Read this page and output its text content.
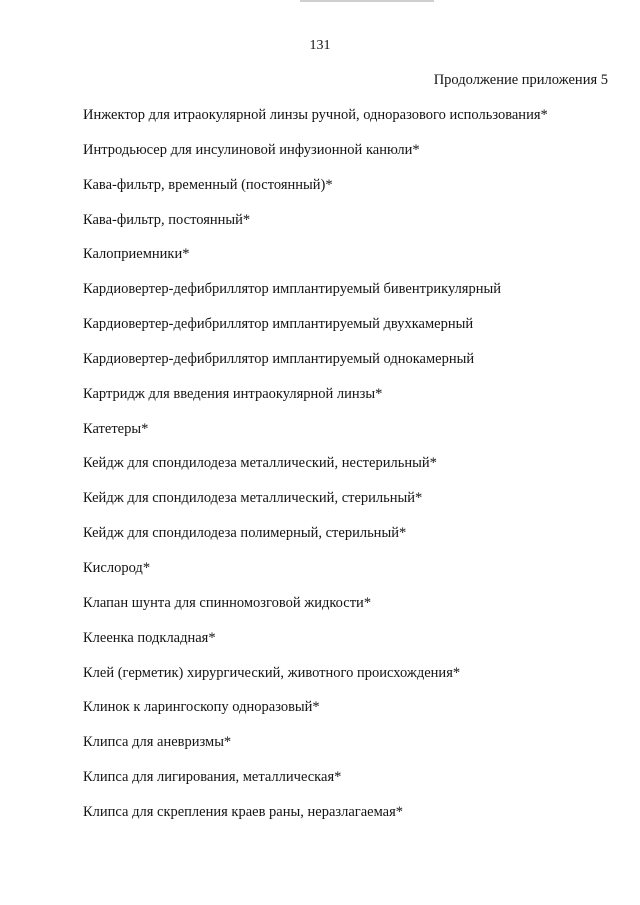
131
Продолжение приложения 5
Инжектор для итраокулярной линзы ручной, одноразового использования*
Интродьюсер для инсулиновой инфузионной канюли*
Кава-фильтр, временный (постоянный)*
Кава-фильтр, постоянный*
Калоприемники*
Кардиовертер-дефибриллятор имплантируемый бивентрикулярный
Кардиовертер-дефибриллятор имплантируемый двухкамерный
Кардиовертер-дефибриллятор имплантируемый однокамерный
Картридж для введения интраокулярной линзы*
Катетеры*
Кейдж для спондилодеза металлический, нестерильный*
Кейдж для спондилодеза металлический, стерильный*
Кейдж для спондилодеза полимерный, стерильный*
Кислород*
Клапан шунта для спинномозговой жидкости*
Клеенка подкладная*
Клей (герметик) хирургический, животного происхождения*
Клинок к ларингоскопу одноразовый*
Клипса для аневризмы*
Клипса для лигирования, металлическая*
Клипса для скрепления краев раны, неразлагаемая*
